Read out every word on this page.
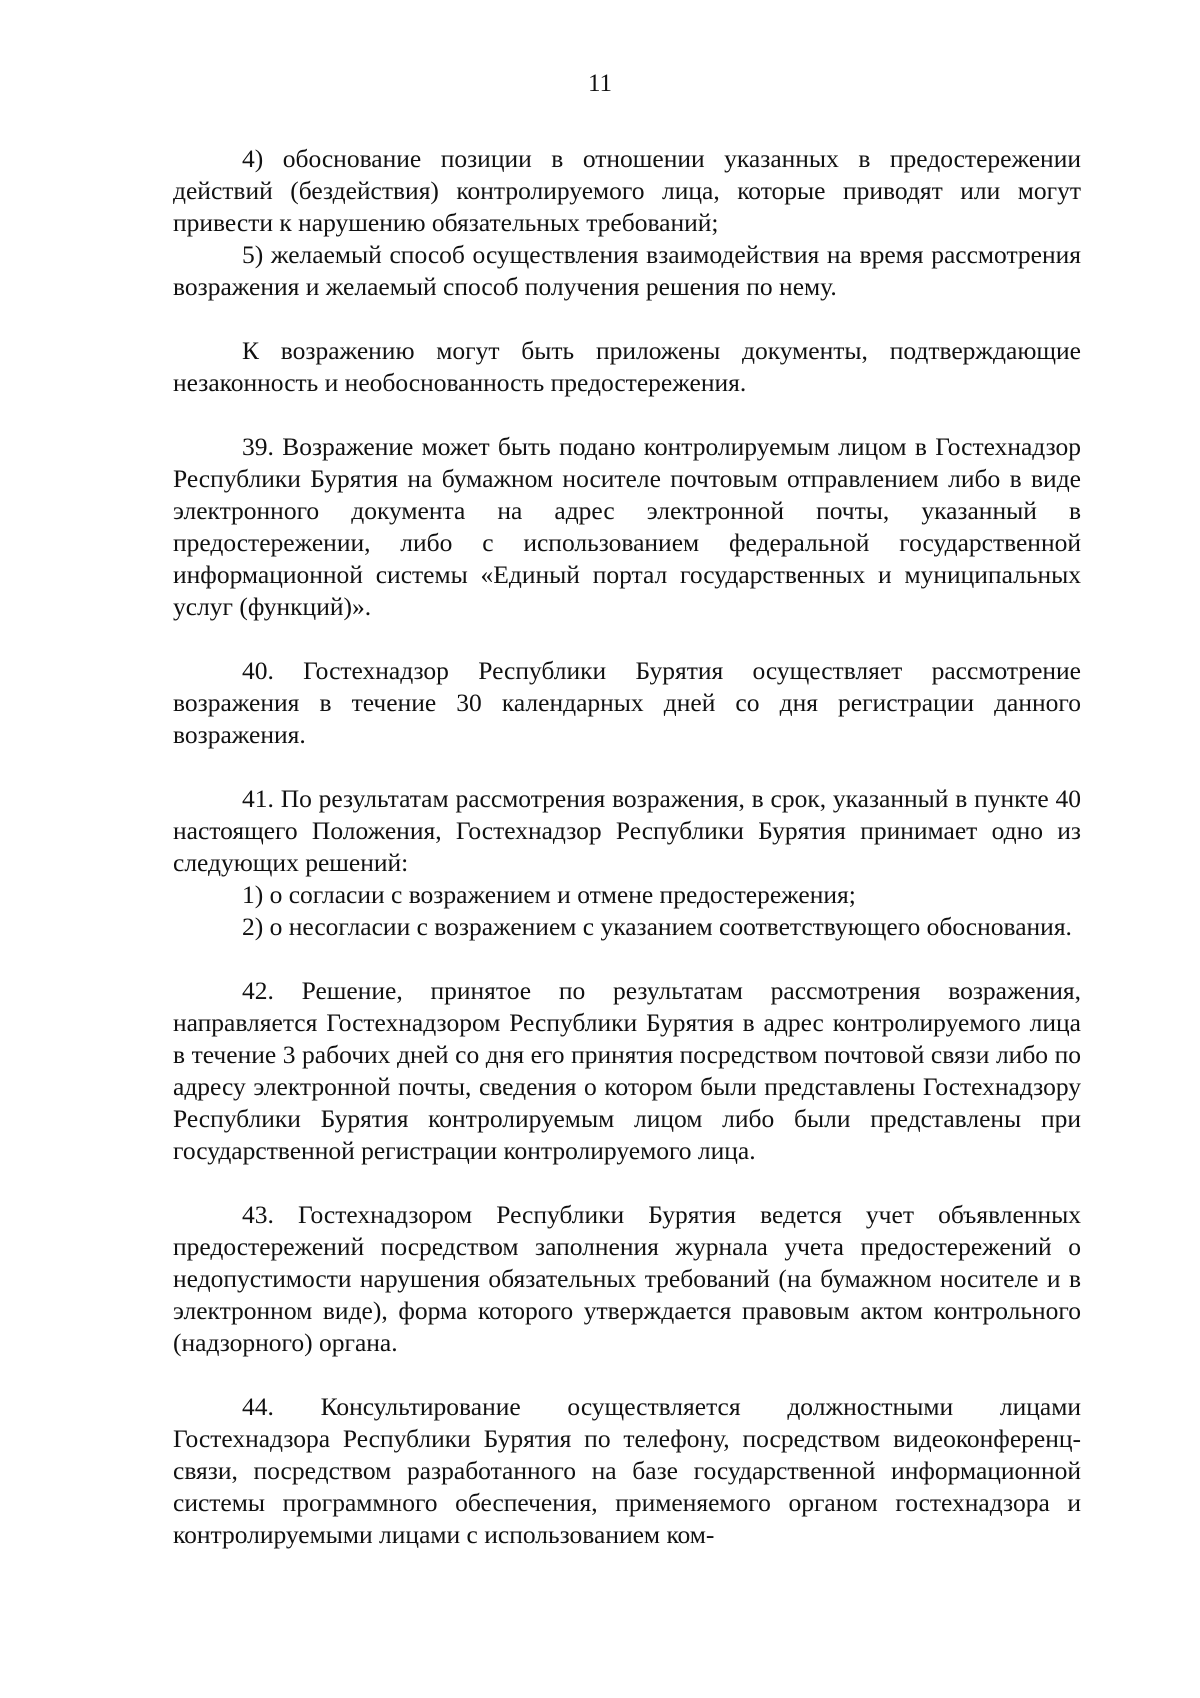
11

4) обоснование позиции в отношении указанных в предостережении действий (бездействия) контролируемого лица, которые приводят или могут привести к нарушению обязательных требований;

5) желаемый способ осуществления взаимодействия на время рассмотрения возражения и желаемый способ получения решения по нему.

К возражению могут быть приложены документы, подтверждающие незаконность и необоснованность предостережения.

39. Возражение может быть подано контролируемым лицом в Гостехнадзор Республики Бурятия на бумажном носителе почтовым отправлением либо в виде электронного документа на адрес электронной почты, указанный в предостережении, либо с использованием федеральной государственной информационной системы «Единый портал государственных и муниципальных услуг (функций)».

40. Гостехнадзор Республики Бурятия осуществляет рассмотрение возражения в течение 30 календарных дней со дня регистрации данного возражения.

41. По результатам рассмотрения возражения, в срок, указанный в пункте 40 настоящего Положения, Гостехнадзор Республики Бурятия принимает одно из следующих решений:

1) о согласии с возражением и отмене предостережения;

2) о несогласии с возражением с указанием соответствующего обоснования.

42. Решение, принятое по результатам рассмотрения возражения, направляется Гостехнадзором Республики Бурятия в адрес контролируемого лица в течение 3 рабочих дней со дня его принятия посредством почтовой связи либо по адресу электронной почты, сведения о котором были представлены Гостехнадзору Республики Бурятия контролируемым лицом либо были представлены при государственной регистрации контролируемого лица.

43. Гостехнадзором Республики Бурятия ведется учет объявленных предостережений посредством заполнения журнала учета предостережений о недопустимости нарушения обязательных требований (на бумажном носителе и в электронном виде), форма которого утверждается правовым актом контрольного (надзорного) органа.

44. Консультирование осуществляется должностными лицами Гостехнадзора Республики Бурятия по телефону, посредством видеоконференц-связи, посредством разработанного на базе государственной информационной системы программного обеспечения, применяемого органом гостехнадзора и контролируемыми лицами с использованием ком-
